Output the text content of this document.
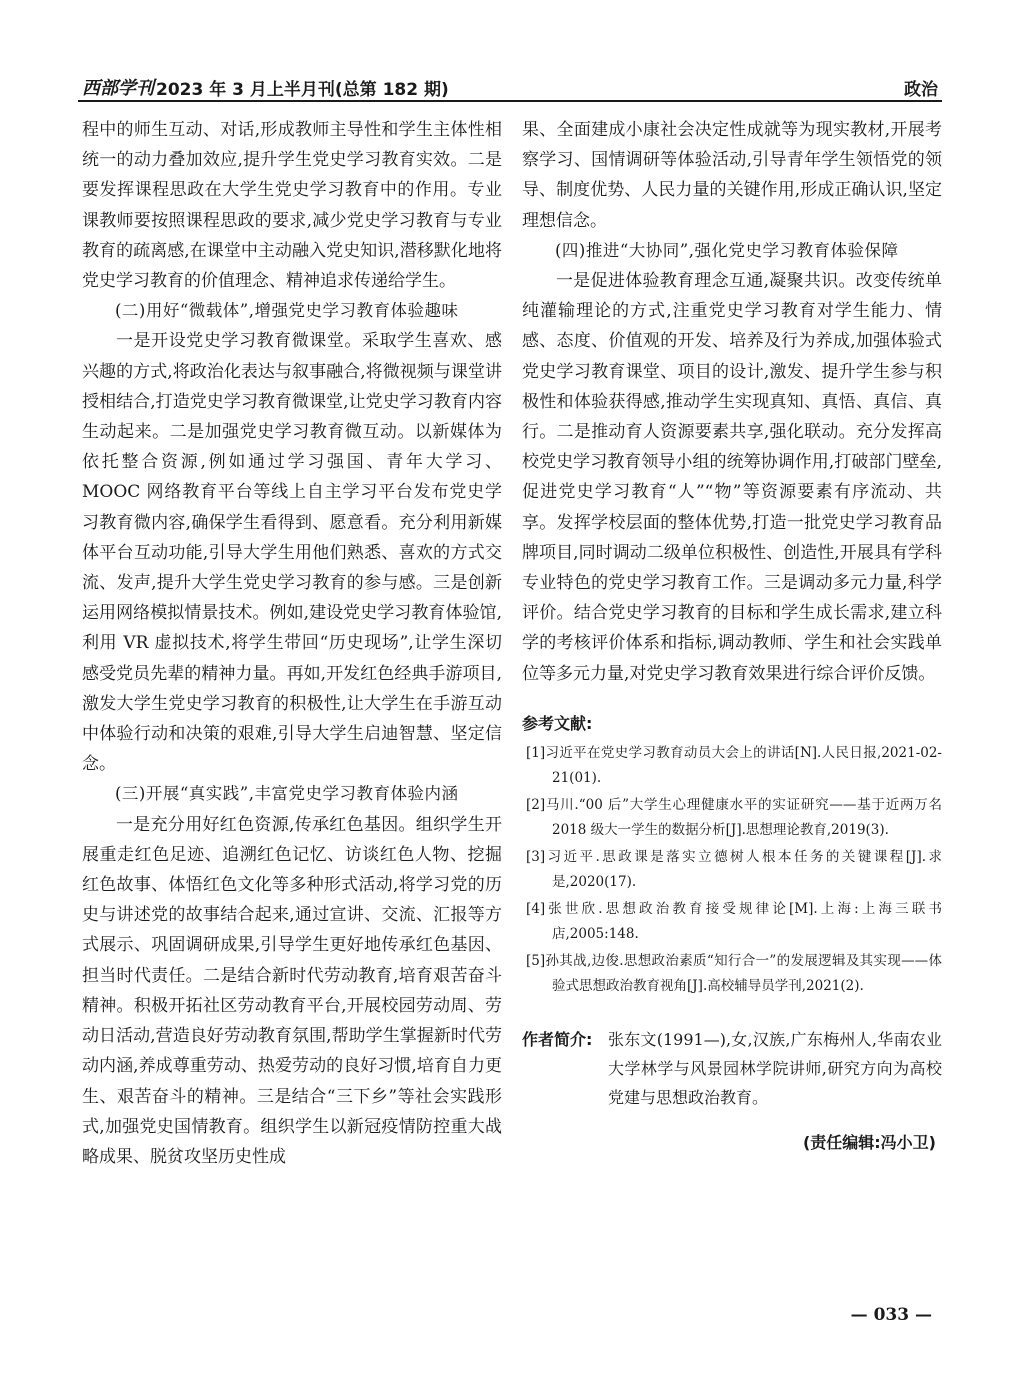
西部学刊 2023 年 3 月上半月刊(总第 182 期)	政治

程中的师生互动、对话,形成教师主导性和学生主体性相统一的动力叠加效应,提升学生党史学习教育实效。二是要发挥课程思政在大学生党史学习教育中的作用。专业课教师要按照课程思政的要求,减少党史学习教育与专业教育的疏离感,在课堂中主动融入党史知识,潜移默化地将党史学习教育的价值理念、精神追求传递给学生。

(二)用好“微载体”,增强党史学习教育体验趣味

一是开设党史学习教育微课堂。采取学生喜欢、感兴趣的方式,将政治化表达与叙事融合,将微视频与课堂讲授相结合,打造党史学习教育微课堂,让党史学习教育内容生动起来。二是加强党史学习教育微互动。以新媒体为依托整合资源,例如通过学习强国、青年大学习、MOOC 网络教育平台等线上自主学习平台发布党史学习教育微内容,确保学生看得到、愿意看。充分利用新媒体平台互动功能,引导大学生用他们熟悉、喜欢的方式交流、发声,提升大学生党史学习教育的参与感。三是创新运用网络模拟情景技术。例如,建设党史学习教育体验馆,利用 VR 虚拟技术,将学生带回“历史现场”,让学生深切感受党员先辈的精神力量。再如,开发红色经典手游项目,激发大学生党史学习教育的积极性,让大学生在手游互动中体验行动和决策的艰难,引导大学生启迪智慧、坚定信念。

(三)开展“真实践”,丰富党史学习教育体验内涵

一是充分用好红色资源,传承红色基因。组织学生开展重走红色足迹、追溯红色记忆、访谈红色人物、挖掘红色故事、体悟红色文化等多种形式活动,将学习党的历史与讲述党的故事结合起来,通过宣讲、交流、汇报等方式展示、巩固调研成果,引导学生更好地传承红色基因、担当时代责任。二是结合新时代劳动教育,培育艰苦奋斗精神。积极开拓社区劳动教育平台,开展校园劳动周、劳动日活动,营造良好劳动教育氛围,帮助学生掌握新时代劳动内涵,养成尊重劳动、热爱劳动的良好习惯,培育自力更生、艰苦奋斗的精神。三是结合“三下乡”等社会实践形式,加强党史国情教育。组织学生以新冠疫情防控重大战略成果、脱贫攻坚历史性成

果、全面建成小康社会决定性成就等为现实教材,开展考察学习、国情调研等体验活动,引导青年学生领悟党的领导、制度优势、人民力量的关键作用,形成正确认识,坚定理想信念。

(四)推进“大协同”,强化党史学习教育体验保障

一是促进体验教育理念互通,凝聚共识。改变传统单纯灌输理论的方式,注重党史学习教育对学生能力、情感、态度、价值观的开发、培养及行为养成,加强体验式党史学习教育课堂、项目的设计,激发、提升学生参与积极性和体验获得感,推动学生实现真知、真悟、真信、真行。二是推动育人资源要素共享,强化联动。充分发挥高校党史学习教育领导小组的统筹协调作用,打破部门壁垒,促进党史学习教育“人”“物”等资源要素有序流动、共享。发挥学校层面的整体优势,打造一批党史学习教育品牌项目,同时调动二级单位积极性、创造性,开展具有学科专业特色的党史学习教育工作。三是调动多元力量,科学评价。结合党史学习教育的目标和学生成长需求,建立科学的考核评价体系和指标,调动教师、学生和社会实践单位等多元力量,对党史学习教育效果进行综合评价反馈。

参考文献:
[1]习近平在党史学习教育动员大会上的讲话[N].人民日报,2021-02-21(01).
[2]马川.“00 后”大学生心理健康水平的实证研究——基于近两万名 2018 级大一学生的数据分析[J].思想理论教育,2019(3).
[3]习近平.思政课是落实立德树人根本任务的关键课程[J].求是,2020(17).
[4]张世欣.思想政治教育接受规律论[M].上海:上海三联书店,2005:148.
[5]孙其战,边俊.思想政治素质“知行合一”的发展逻辑及其实现——体验式思想政治教育视角[J].高校辅导员学刊,2021(2).
作者简介: 张东文(1991—),女,汉族,广东梅州人,华南农业大学林学与风景园林学院讲师,研究方向为高校党建与思想政治教育。
(责任编辑:冯小卫)
— 033 —
